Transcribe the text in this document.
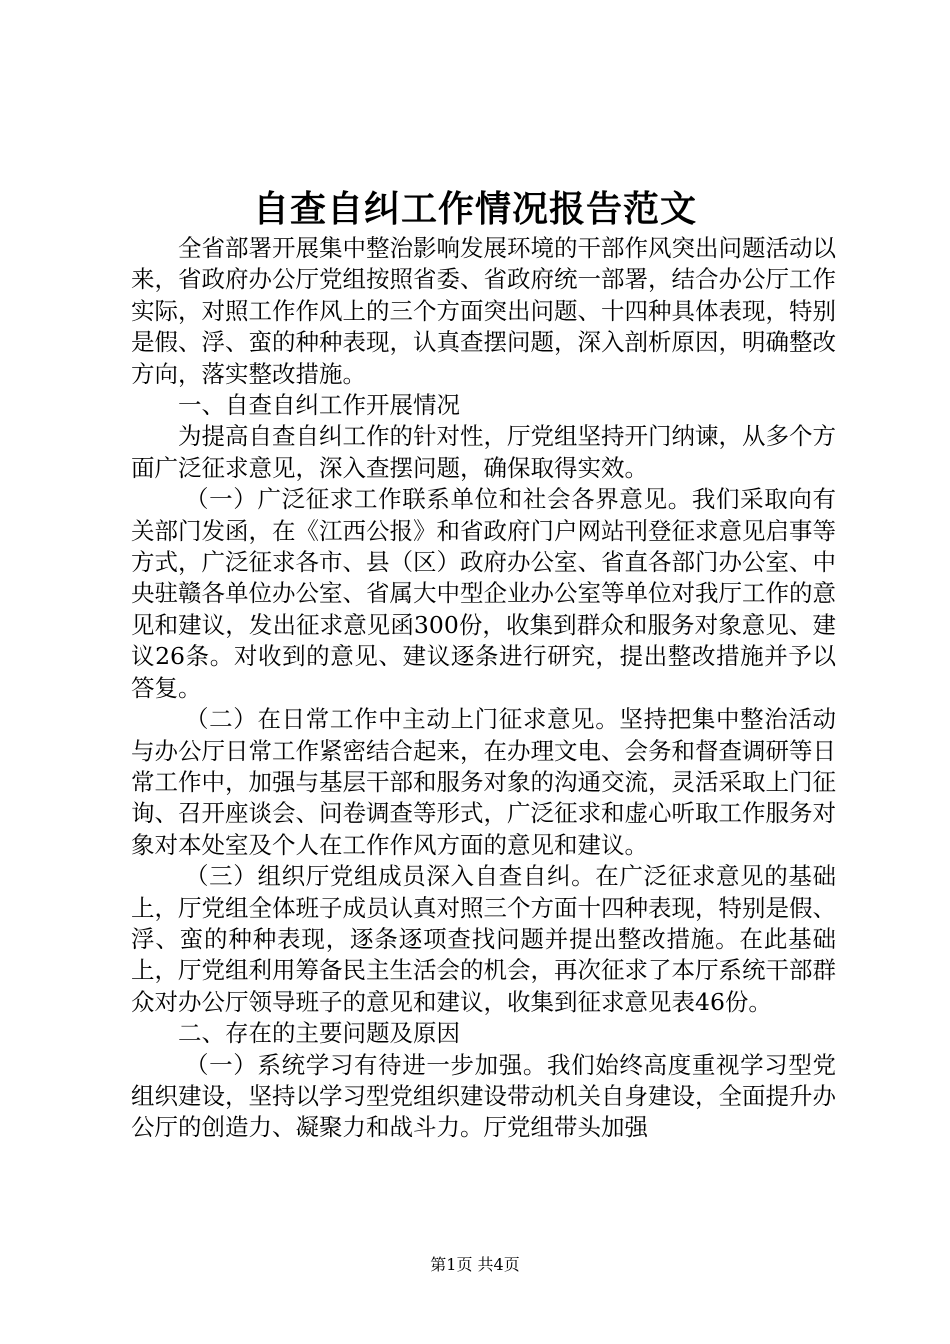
自查自纠工作情况报告范文

全省部署开展集中整治影响发展环境的干部作风突出问题活动以来，省政府办公厅党组按照省委、省政府统一部署，结合办公厅工作实际，对照工作作风上的三个方面突出问题、十四种具体表现，特别是假、浮、蛮的种种表现，认真查摆问题，深入剖析原因，明确整改方向，落实整改措施。

一、自查自纠工作开展情况

为提高自查自纠工作的针对性，厅党组坚持开门纳谏，从多个方面广泛征求意见，深入查摆问题，确保取得实效。

（一）广泛征求工作联系单位和社会各界意见。我们采取向有关部门发函，在《江西公报》和省政府门户网站刊登征求意见启事等方式，广泛征求各市、县（区）政府办公室、省直各部门办公室、中央驻赣各单位办公室、省属大中型企业办公室等单位对我厅工作的意见和建议，发出征求意见函300份，收集到群众和服务对象意见、建议26条。对收到的意见、建议逐条进行研究，提出整改措施并予以答复。

（二）在日常工作中主动上门征求意见。坚持把集中整治活动与办公厅日常工作紧密结合起来，在办理文电、会务和督查调研等日常工作中，加强与基层干部和服务对象的沟通交流，灵活采取上门征询、召开座谈会、问卷调查等形式，广泛征求和虚心听取工作服务对象对本处室及个人在工作作风方面的意见和建议。

（三）组织厅党组成员深入自查自纠。在广泛征求意见的基础上，厅党组全体班子成员认真对照三个方面十四种表现，特别是假、浮、蛮的种种表现，逐条逐项查找问题并提出整改措施。在此基础上，厅党组利用筹备民主生活会的机会，再次征求了本厅系统干部群众对办公厅领导班子的意见和建议，收集到征求意见表46份。

二、存在的主要问题及原因

（一）系统学习有待进一步加强。我们始终高度重视学习型党组织建设，坚持以学习型党组织建设带动机关自身建设，全面提升办公厅的创造力、凝聚力和战斗力。厅党组带头加强

第1页 共4页
